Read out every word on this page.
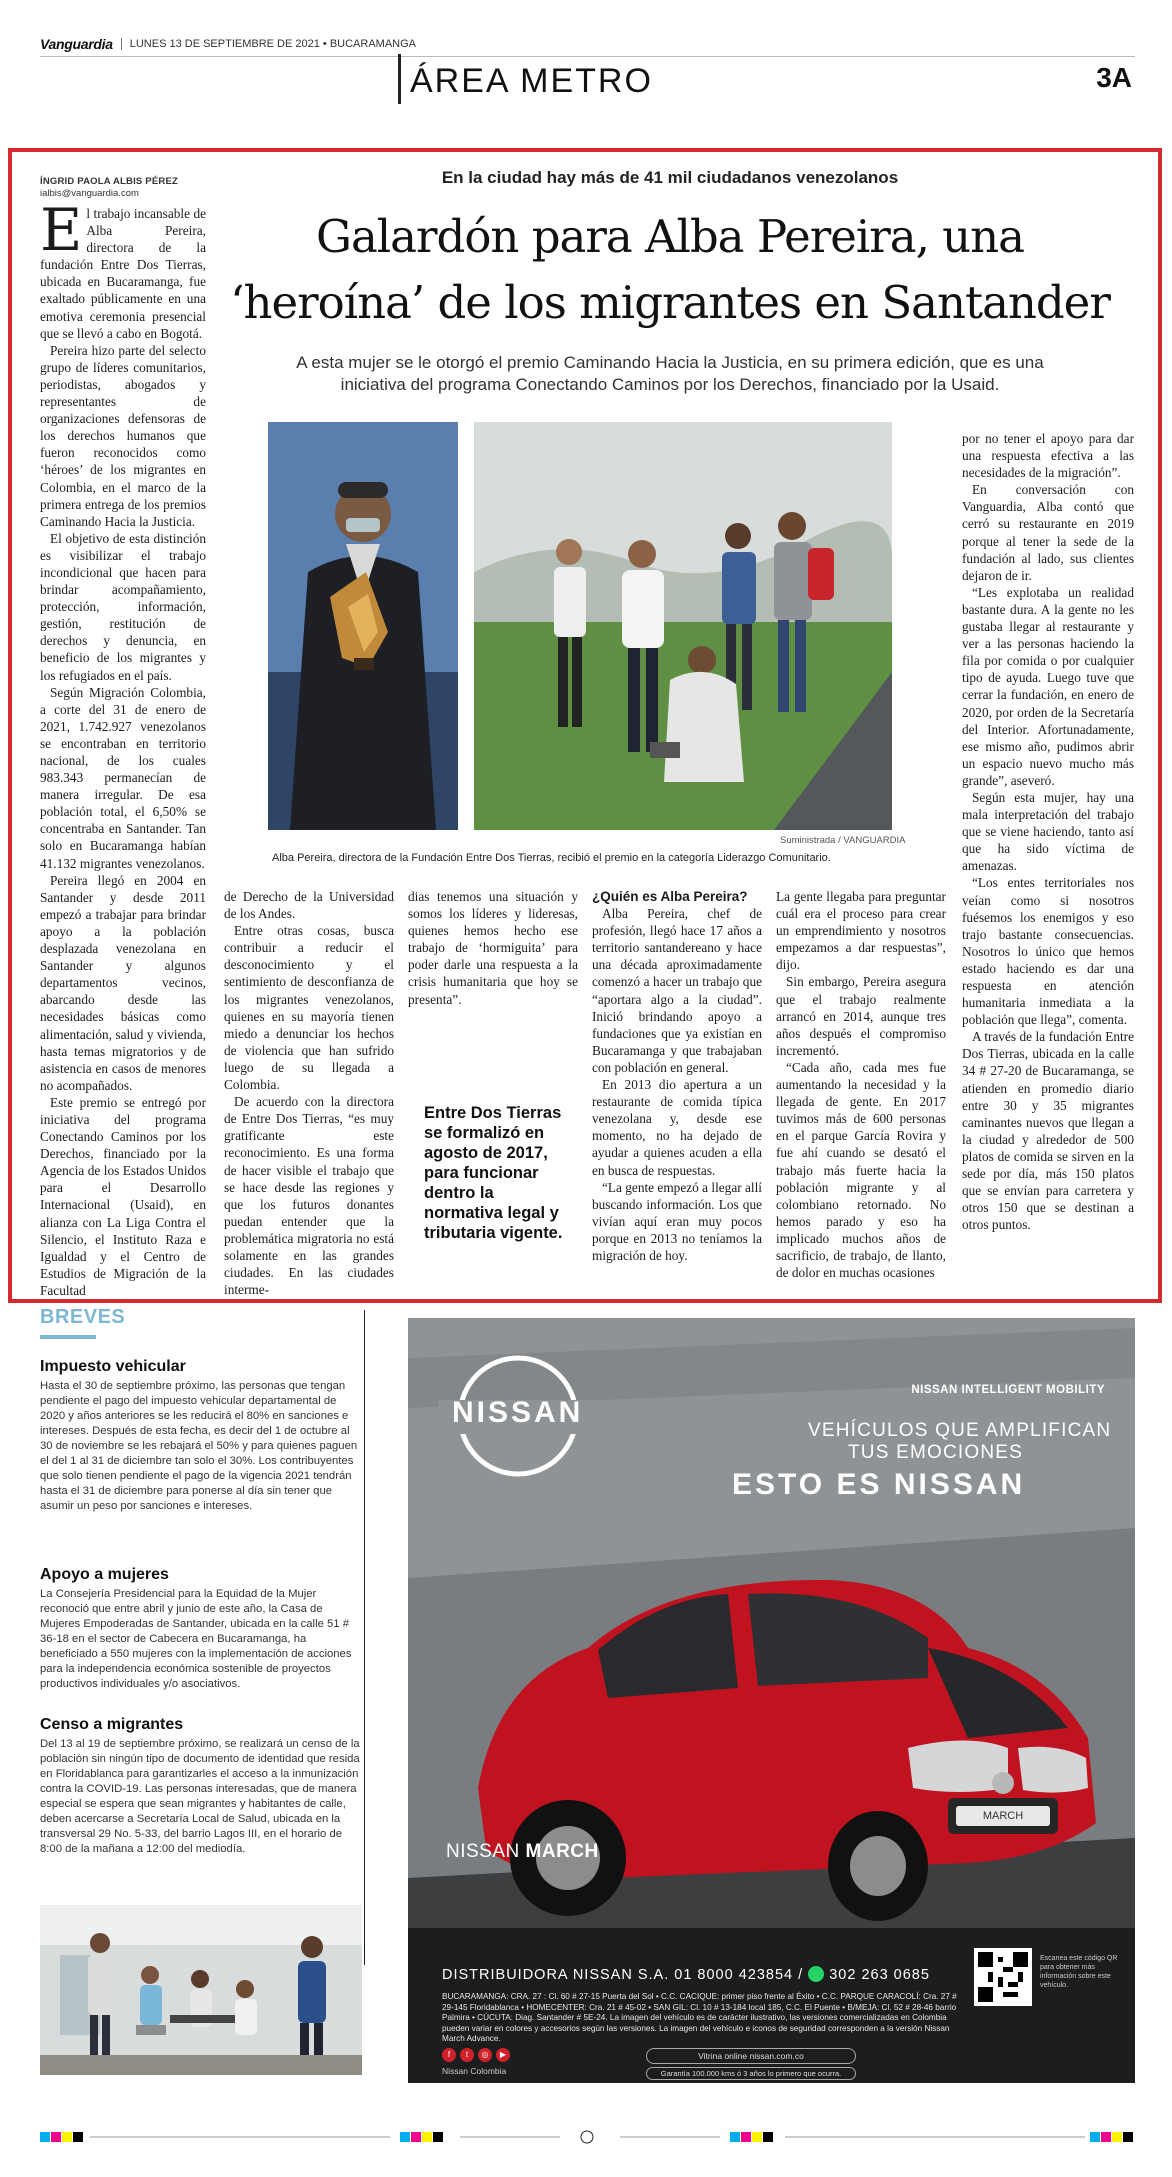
Vanguardia LUNES 13 DE SEPTIEMBRE DE 2021 • BUCARAMANGA
ÁREA METRO	3A
ÍNGRID PAOLA ALBIS PÉREZ
ialbis@vanguardia.com
En la ciudad hay más de 41 mil ciudadanos venezolanos
Galardón para Alba Pereira, una
‘heroína’ de los migrantes en Santander
A esta mujer se le otorgó el premio Caminando Hacia la Justicia, en su primera edición, que es una iniciativa del programa Conectando Caminos por los Derechos, financiado por la Usaid.

El trabajo incansable de Alba Pereira, directora de la fundación Entre Dos Tierras, ubicada en Bucaramanga, fue exaltado públicamente en una emotiva ceremonia presencial que se llevó a cabo en Bogotá.

Pereira hizo parte del selecto grupo de líderes comunitarios, periodistas, abogados y representantes de organizaciones defensoras de los derechos humanos que fueron reconocidos como ‘héroes’ de los migrantes en Colombia, en el marco de la primera entrega de los premios Caminando Hacia la Justicia.

El objetivo de esta distinción es visibilizar el trabajo incondicional que hacen para brindar acompañamiento, protección, información, gestión, restitución de derechos y denuncia, en beneficio de los migrantes y los refugiados en el país.

Según Migración Colombia, a corte del 31 de enero de 2021, 1.742.927 venezolanos se encontraban en territorio nacional, de los cuales 983.343 permanecían de manera irregular. De esa población total, el 6,50% se concentraba en Santander. Tan solo en Bucaramanga habían 41.132 migrantes venezolanos.

Pereira llegó en 2004 en Santander y desde 2011 empezó a trabajar para brindar apoyo a la población desplazada venezolana en Santander y algunos departamentos vecinos, abarcando desde las necesidades básicas como alimentación, salud y vivienda, hasta temas migratorios y de asistencia en casos de menores no acompañados.

Este premio se entregó por iniciativa del programa Conectando Caminos por los Derechos, financiado por la Agencia de los Estados Unidos para el Desarrollo Internacional (Usaid), en alianza con La Liga Contra el Silencio, el Instituto Raza e Igualdad y el Centro de Estudios de Migración de la Facultad

Suministrada / VANGUARDIA
Alba Pereira, directora de la Fundación Entre Dos Tierras, recibió el premio en la categoría Liderazgo Comunitario.

de Derecho de la Universidad de los Andes.

Entre otras cosas, busca contribuir a reducir el desconocimiento y el sentimiento de desconfianza de los migrantes venezolanos, quienes en su mayoría tienen miedo a denunciar los hechos de violencia que han sufrido luego de su llegada a Colombia.

De acuerdo con la directora de Entre Dos Tierras, “es muy gratificante este reconocimiento. Es una forma de hacer visible el trabajo que se hace desde las regiones y que los futuros donantes puedan entender que la problemática migratoria no está solamente en las grandes ciudades. En las ciudades interme-

dias tenemos una situación y somos los líderes y lideresas, quienes hemos hecho ese trabajo de ‘hormiguita’ para poder darle una respuesta a la crisis humanitaria que hoy se presenta”.

Entre Dos Tierras se formalizó en agosto de 2017, para funcionar dentro la normativa legal y tributaria vigente.

¿Quién es Alba Pereira?

Alba Pereira, chef de profesión, llegó hace 17 años a territorio santandereano y hace una década aproximadamente comenzó a hacer un trabajo que “aportara algo a la ciudad”. Inició brindando apoyo a fundaciones que ya existían en Bucaramanga y que trabajaban con población en general.

En 2013 dio apertura a un restaurante de comida típica venezolana y, desde ese momento, no ha dejado de ayudar a quienes acuden a ella en busca de respuestas.

“La gente empezó a llegar allí buscando información. Los que vivían aquí eran muy pocos porque en 2013 no teníamos la migración de hoy.

La gente llegaba para preguntar cuál era el proceso para crear un emprendimiento y nosotros empezamos a dar respuestas”, dijo.

Sin embargo, Pereira asegura que el trabajo realmente arrancó en 2014, aunque tres años después el compromiso incrementó.

“Cada año, cada mes fue aumentando la necesidad y la llegada de gente. En 2017 tuvimos más de 600 personas en el parque García Rovira y fue ahí cuando se desató el trabajo más fuerte hacia la población migrante y al colombiano retornado. No hemos parado y eso ha implicado muchos años de sacrificio, de trabajo, de llanto, de dolor en muchas ocasiones

por no tener el apoyo para dar una respuesta efectiva a las necesidades de la migración”.

En conversación con Vanguardia, Alba contó que cerró su restaurante en 2019 porque al tener la sede de la fundación al lado, sus clientes dejaron de ir.

“Les explotaba un realidad bastante dura. A la gente no les gustaba llegar al restaurante y ver a las personas haciendo la fila por comida o por cualquier tipo de ayuda. Luego tuve que cerrar la fundación, en enero de 2020, por orden de la Secretaría del Interior. Afortunadamente, ese mismo año, pudimos abrir un espacio nuevo mucho más grande”, aseveró.

Según esta mujer, hay una mala interpretación del trabajo que se viene haciendo, tanto así que ha sido víctima de amenazas.

“Los entes territoriales nos veían como si nosotros fuésemos los enemigos y eso trajo bastante consecuencias. Nosotros lo único que hemos estado haciendo es dar una respuesta en atención humanitaria inmediata a la población que llega”, comenta.

A través de la fundación Entre Dos Tierras, ubicada en la calle 34 # 27-20 de Bucaramanga, se atienden en promedio diario entre 30 y 35 migrantes caminantes nuevos que llegan a la ciudad y alrededor de 500 platos de comida se sirven en la sede por día, más 150 platos que se envían para carretera y otros 150 que se destinan a otros puntos.

BREVES
Impuesto vehicular

Hasta el 30 de septiembre próximo, las personas que tengan pendiente el pago del impuesto vehicular departamental de 2020 y años anteriores se les reducirá el 80% en sanciones e intereses. Después de esta fecha, es decir del 1 de octubre al 30 de noviembre se les rebajará el 50% y para quienes paguen el del 1 al 31 de diciembre tan solo el 30%. Los contribuyentes que solo tienen pendiente el pago de la vigencia 2021 tendrán hasta el 31 de diciembre para ponerse al día sin tener que asumir un peso por sanciones e intereses.

Apoyo a mujeres

La Consejería Presidencial para la Equidad de la Mujer reconoció que entre abril y junio de este año, la Casa de Mujeres Empoderadas de Santander, ubicada en la calle 51 # 36-18 en el sector de Cabecera en Bucaramanga, ha beneficiado a 550 mujeres con la implementación de acciones para la independencia económica sostenible de proyectos productivos individuales y/o asociativos.

Censo a migrantes

Del 13 al 19 de septiembre próximo, se realizará un censo de la población sin ningún tipo de documento de identidad que resida en Floridablanca para garantizarles el acceso a la inmunización contra la COVID-19. Las personas interesadas, que de manera especial se espera que sean migrantes y habitantes de calle, deben acercarse a Secretaría Local de Salud, ubicada en la transversal 29 No. 5-33, del barrio Lagos III, en el horario de 8:00 de la mañana a 12:00 del mediodía.

NISSAN
NISSAN INTELLIGENT MOBILITY
VEHÍCULOS QUE AMPLIFICAN
TUS EMOCIONES
ESTO ES NISSAN
MARCH
NISSAN MARCH
DISTRIBUIDORA NISSAN S.A. 01 8000 423854 / 302 263 0685
BUCARAMANGA: CRA. 27 : Cl. 60 # 27-15 Puerta del Sol • C.C. CACIQUE: primer piso frente al Éxito • C.C. PARQUE CARACOLÍ: Cra. 27 # 29-145 Floridablanca • HOMECENTER: Cra. 21 # 45-02 • SAN GIL: Cl. 10 # 13-184 local 185, C.C. El Puente • B/MEJA: Cl. 52 # 28-46 barrio Palmira • CÚCUTA: Diag. Santander # 5E-24. La imagen del vehículo es de carácter ilustrativo, las versiones comercializadas en Colombia pueden variar en colores y accesorios según las versiones. La imagen del vehículo e iconos de seguridad corresponden a la versión Nissan March Advance.
f	t	◎	▶
Nissan Colombia
Vitrina online nissan.com.co
Garantía 100.000 kms ó 3 años lo primero que ocurra.
Escanea este código QR para obtener más información sobre este vehículo.
